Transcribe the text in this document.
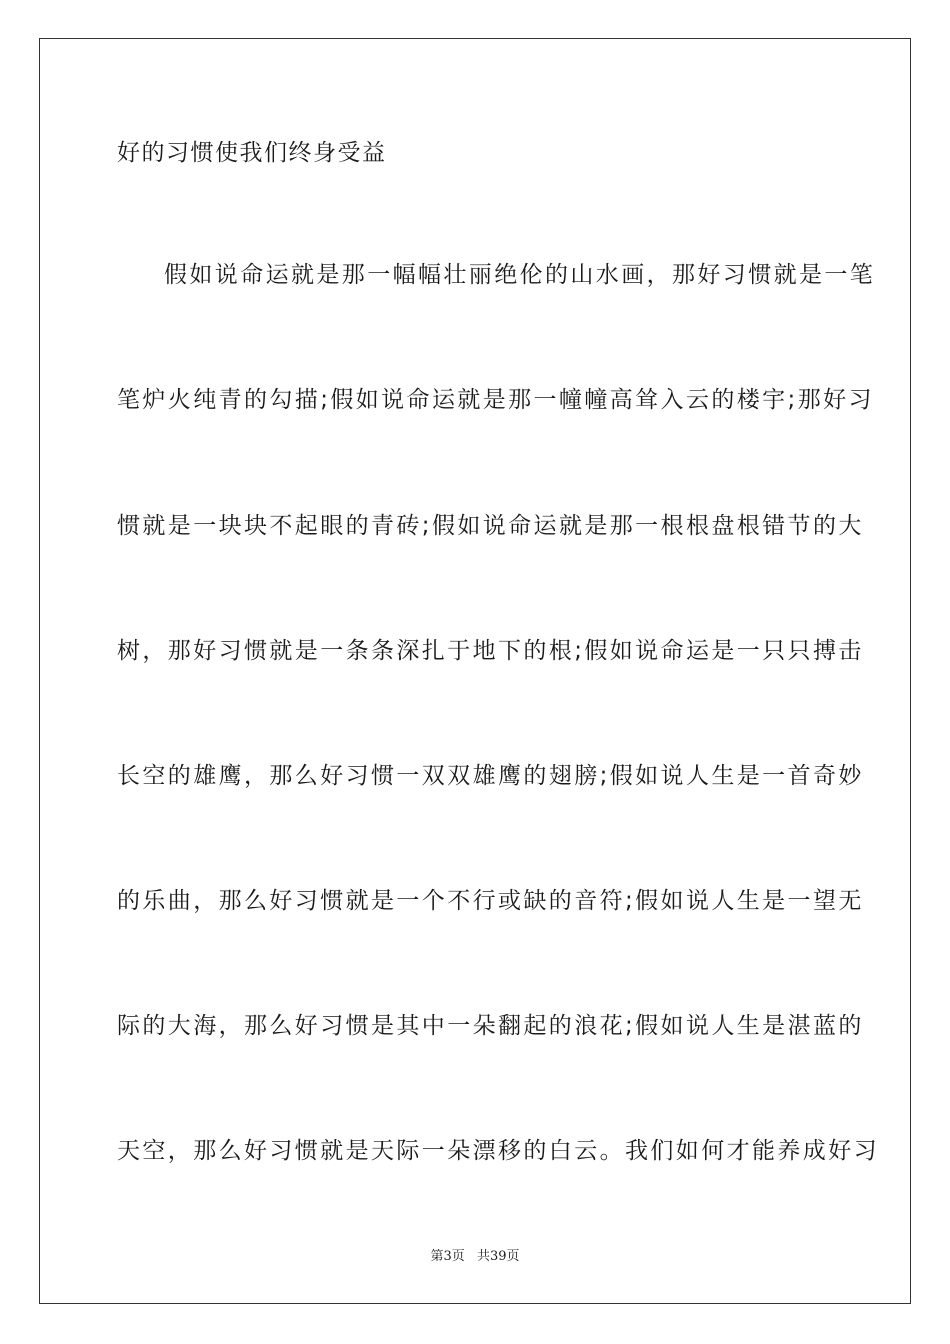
好的习惯使我们终身受益
假如说命运就是那一幅幅壮丽绝伦的山水画，那好习惯就是一笔
笔炉火纯青的勾描;假如说命运就是那一幢幢高耸入云的楼宇;那好习
惯就是一块块不起眼的青砖;假如说命运就是那一根根盘根错节的大
树，那好习惯就是一条条深扎于地下的根;假如说命运是一只只搏击
长空的雄鹰，那么好习惯一双双雄鹰的翅膀;假如说人生是一首奇妙
的乐曲，那么好习惯就是一个不行或缺的音符;假如说人生是一望无
际的大海，那么好习惯是其中一朵翻起的浪花;假如说人生是湛蓝的
天空，那么好习惯就是天际一朵漂移的白云。我们如何才能养成好习
第3页 共39页
